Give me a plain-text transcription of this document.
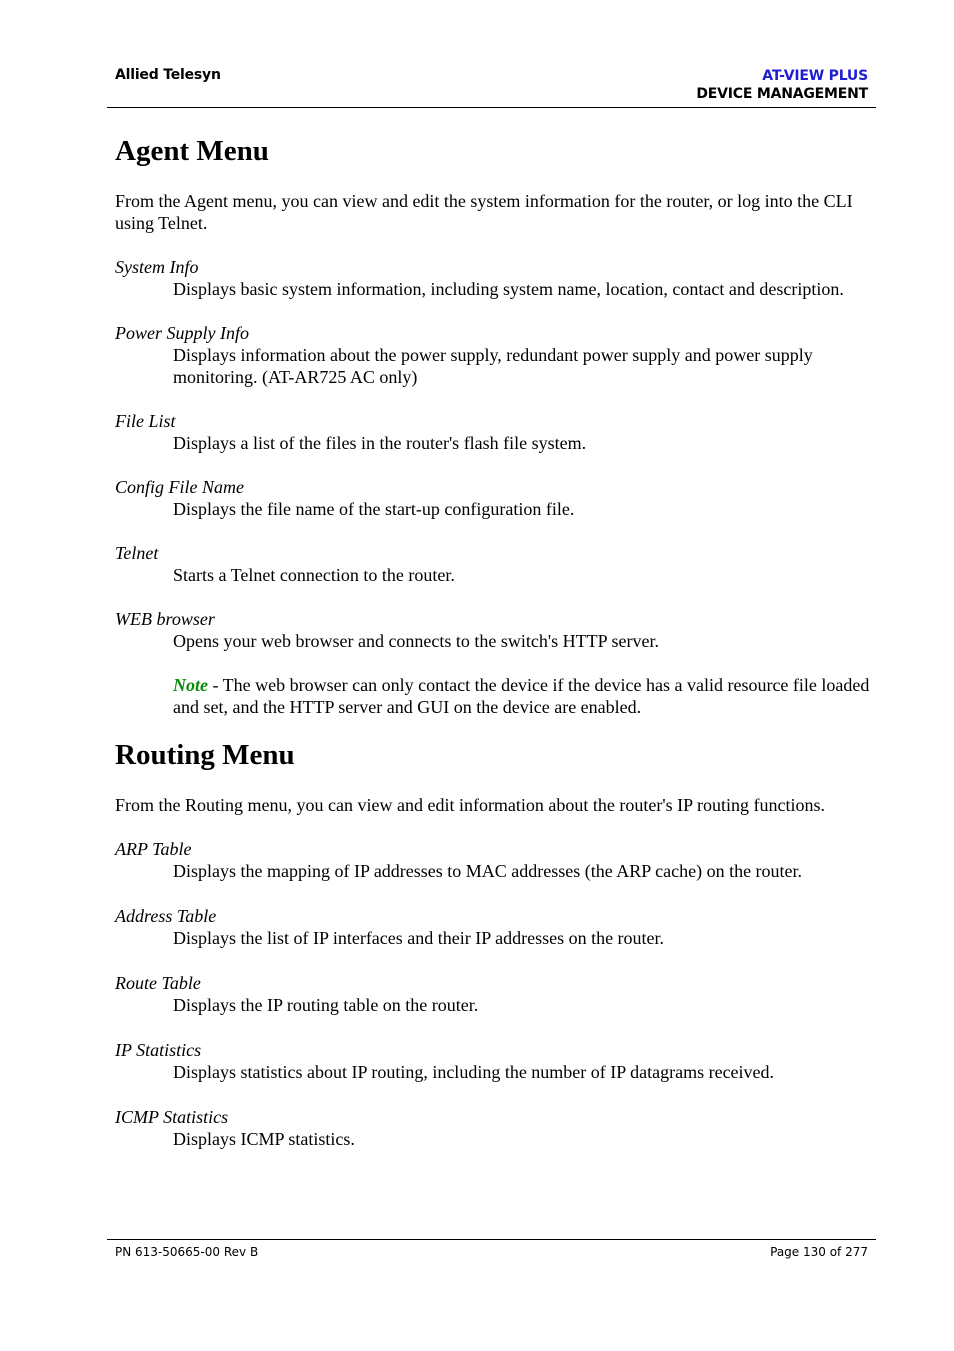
Allied Telesyn	AT-VIEW PLUS
DEVICE MANAGEMENT
Agent Menu

From the Agent menu, you can view and edit the system information for the router, or log into the CLI using Telnet.

System Info

Displays basic system information, including system name, location, contact and description.

Power Supply Info

Displays information about the power supply, redundant power supply and power supply monitoring. (AT-AR725 AC only)

File List

Displays a list of the files in the router's flash file system.

Config File Name

Displays the file name of the start-up configuration file.

Telnet

Starts a Telnet connection to the router.

WEB browser

Opens your web browser and connects to the switch's HTTP server.

Note - The web browser can only contact the device if the device has a valid resource file loaded and set, and the HTTP server and GUI on the device are enabled.

Routing Menu

From the Routing menu, you can view and edit information about the router's IP routing functions.

ARP Table

Displays the mapping of IP addresses to MAC addresses (the ARP cache) on the router.

Address Table

Displays the list of IP interfaces and their IP addresses on the router.

Route Table

Displays the IP routing table on the router.

IP Statistics

Displays statistics about IP routing, including the number of IP datagrams received.

ICMP Statistics

Displays ICMP statistics.

PN 613-50665-00 Rev B	Page 130 of 277
